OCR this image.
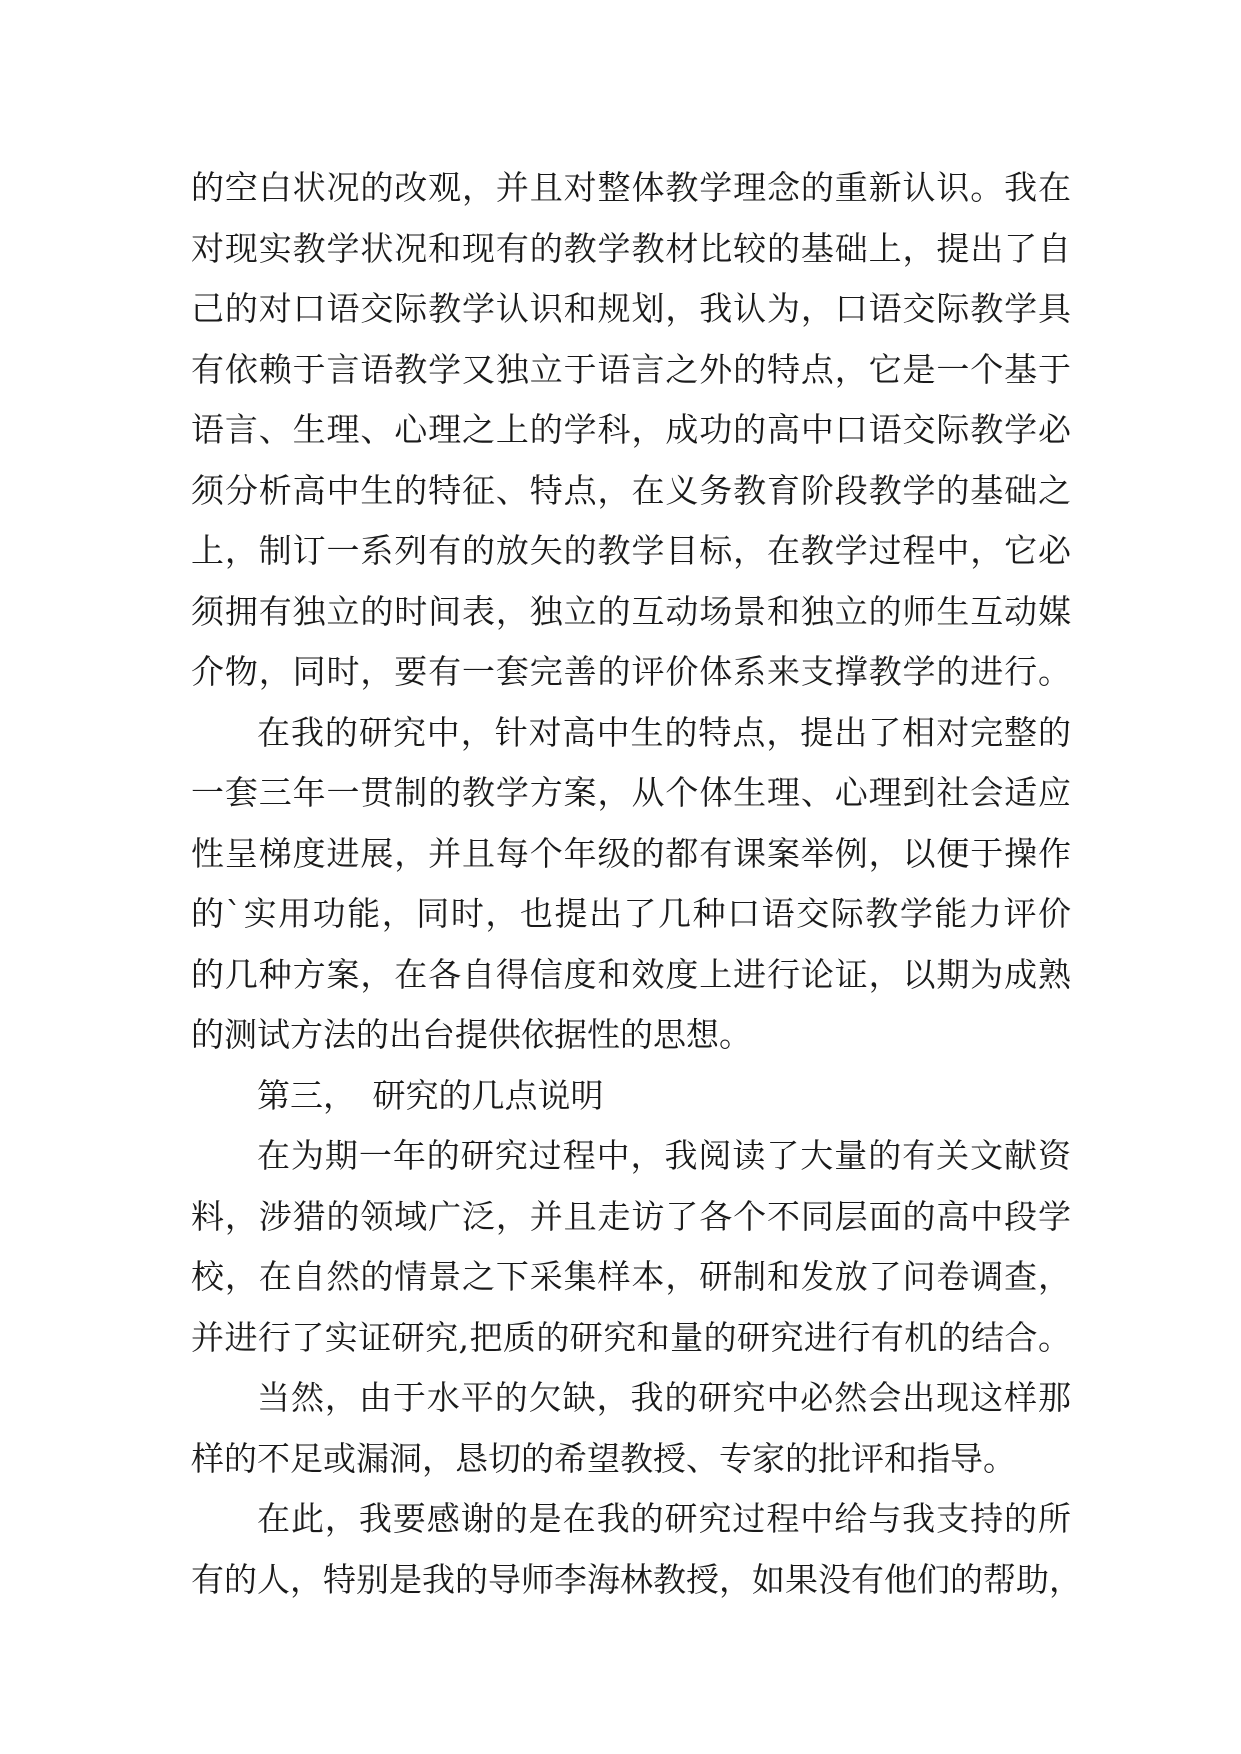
的空白状况的改观，并且对整体教学理念的重新认识。我在
对现实教学状况和现有的教学教材比较的基础上，提出了自
己的对口语交际教学认识和规划，我认为，口语交际教学具
有依赖于言语教学又独立于语言之外的特点，它是一个基于
语言、生理、心理之上的学科，成功的高中口语交际教学必
须分析高中生的特征、特点，在义务教育阶段教学的基础之
上，制订一系列有的放矢的教学目标，在教学过程中，它必
须拥有独立的时间表，独立的互动场景和独立的师生互动媒
介物，同时，要有一套完善的评价体系来支撑教学的进行。
在我的研究中，针对高中生的特点，提出了相对完整的
一套三年一贯制的教学方案，从个体生理、心理到社会适应
性呈梯度进展，并且每个年级的都有课案举例，以便于操作
的`实用功能，同时，也提出了几种口语交际教学能力评价
的几种方案，在各自得信度和效度上进行论证，以期为成熟
的测试方法的出台提供依据性的思想。
第三，　研究的几点说明
在为期一年的研究过程中，我阅读了大量的有关文献资
料，涉猎的领域广泛，并且走访了各个不同层面的高中段学
校，在自然的情景之下采集样本，研制和发放了问卷调查，
并进行了实证研究,把质的研究和量的研究进行有机的结合。
当然，由于水平的欠缺，我的研究中必然会出现这样那
样的不足或漏洞，恳切的希望教授、专家的批评和指导。
在此，我要感谢的是在我的研究过程中给与我支持的所
有的人，特别是我的导师李海林教授，如果没有他们的帮助，
